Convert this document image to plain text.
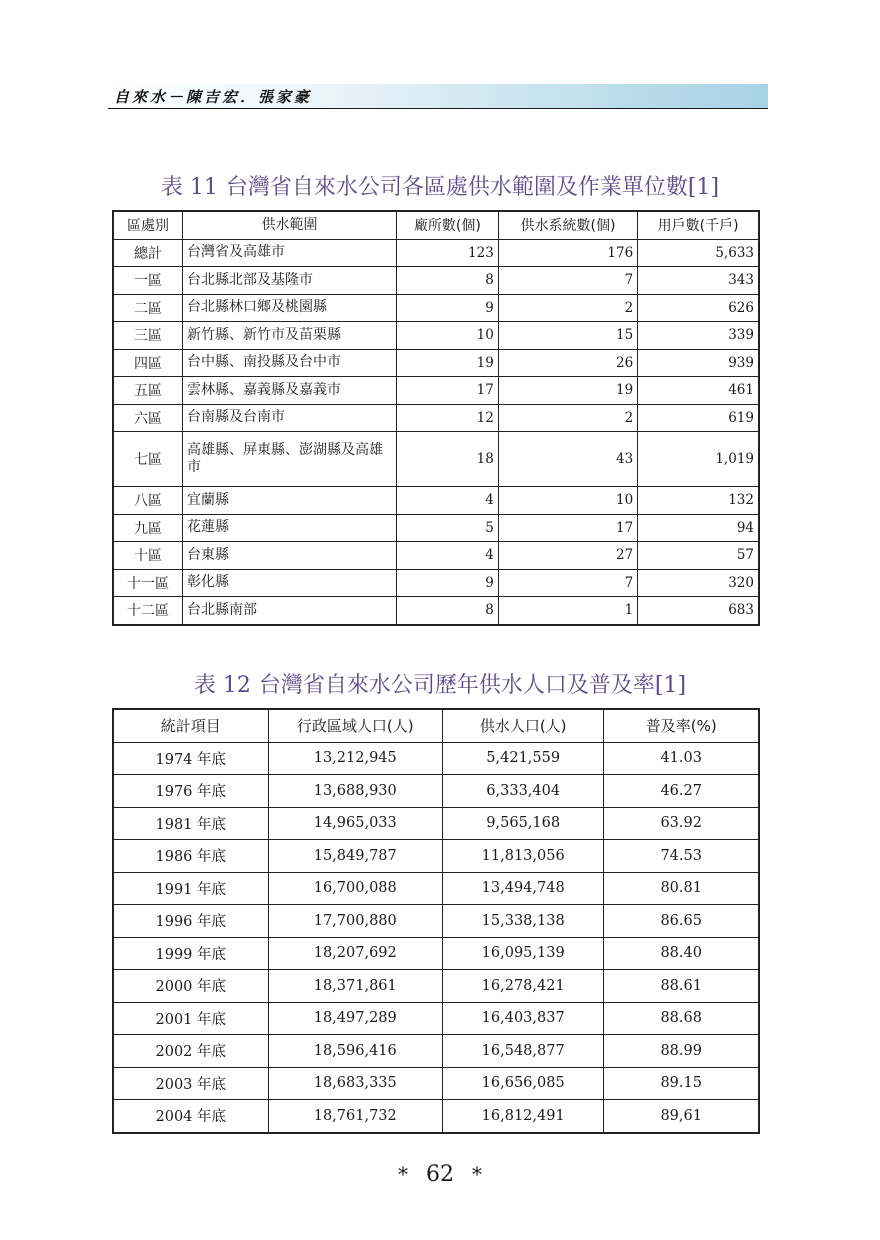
自來水－陳吉宏．張家豪
表 11 台灣省自來水公司各區處供水範圍及作業單位數[1]
區處別	供水範圍	廠所數(個)	供水系統數(個)	用戶數(千戶)
總計	台灣省及高雄市	123	176	5,633
一區	台北縣北部及基隆市	8	7	343
二區	台北縣林口鄉及桃園縣	9	2	626
三區	新竹縣、新竹市及苗栗縣	10	15	339
四區	台中縣、南投縣及台中市	19	26	939
五區	雲林縣、嘉義縣及嘉義市	17	19	461
六區	台南縣及台南市	12	2	619
七區	高雄縣、屏東縣、澎湖縣及高雄市	18	43	1,019
八區	宜蘭縣	4	10	132
九區	花蓮縣	5	17	94
十區	台東縣	4	27	57
十一區	彰化縣	9	7	320
十二區	台北縣南部	8	1	683
表 12 台灣省自來水公司歷年供水人口及普及率[1]
統計項目	行政區域人口(人)	供水人口(人)	普及率(%)
1974 年底	13,212,945	5,421,559	41.03
1976 年底	13,688,930	6,333,404	46.27
1981 年底	14,965,033	9,565,168	63.92
1986 年底	15,849,787	11,813,056	74.53
1991 年底	16,700,088	13,494,748	80.81
1996 年底	17,700,880	15,338,138	86.65
1999 年底	18,207,692	16,095,139	88.40
2000 年底	18,371,861	16,278,421	88.61
2001 年底	18,497,289	16,403,837	88.68
2002 年底	18,596,416	16,548,877	88.99
2003 年底	18,683,335	16,656,085	89.15
2004 年底	18,761,732	16,812,491	89,61
* 62 *
